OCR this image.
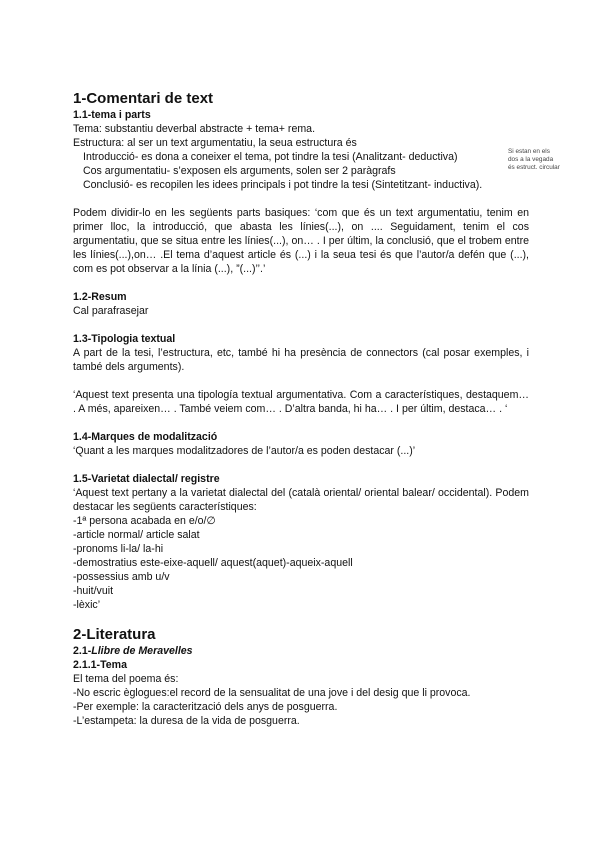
Si estan en els
dos a la vegada
és estruct. circular
1-Comentari de text
1.1-tema i parts

Tema: substantiu deverbal abstracte + tema+ rema.

Estructura: al ser un text argumentatiu, la seua estructura és

Introducció- es dona a coneixer el tema, pot tindre la tesi (Analitzant- deductiva)

Cos argumentatiu- s’exposen els arguments, solen ser 2 paràgrafs

Conclusió- es recopilen les idees principals i pot tindre la tesi (Sintetitzant- inductiva).

Podem dividir-lo en les següents parts basiques: ‘com que és un text argumentatiu, tenim en primer lloc, la introducció, que abasta les línies(...), on .... Seguidament, tenim el cos argumentatiu, que se situa entre les línies(...), on… . I per últim, la conclusió, que el trobem entre les línies(...),on… .El tema d’aquest article és (...) i la seua tesi és que l’autor/a defén que (...), com es pot observar a la línia (...), ”(...)’’.’

1.2-Resum

Cal parafrasejar

1.3-Tipologia textual

A part de la tesi, l’estructura, etc, també hi ha presència de connectors (cal posar exemples, i també dels arguments).

‘Aquest text presenta una tipología textual argumentativa. Com a característiques, destaquem… . A més, apareixen… . També veiem com… . D’altra banda, hi ha… . I per últim, destaca… . ‘

1.4-Marques de modalització

‘Quant a les marques modalitzadores de l’autor/a es poden destacar (...)’

1.5-Varietat dialectal/ registre

‘Aquest text pertany a la varietat dialectal del (català oriental/ oriental balear/ occidental). Podem destacar les següents característiques:

-1ª persona acabada en e/o/∅

-article normal/ article salat

-pronoms li-la/ la-hi

-demostratius este-eixe-aquell/ aquest(aquet)-aqueix-aquell

-possessius amb u/v

-huit/vuit

-lèxic’

2-Literatura
2.1-Llibre de Meravelles
2.1.1-Tema

El tema del poema és:

-No escric èglogues:el record de la sensualitat de una jove i del desig que li provoca.

-Per exemple: la caracterització dels anys de posguerra.

-L’estampeta: la duresa de la vida de posguerra.
